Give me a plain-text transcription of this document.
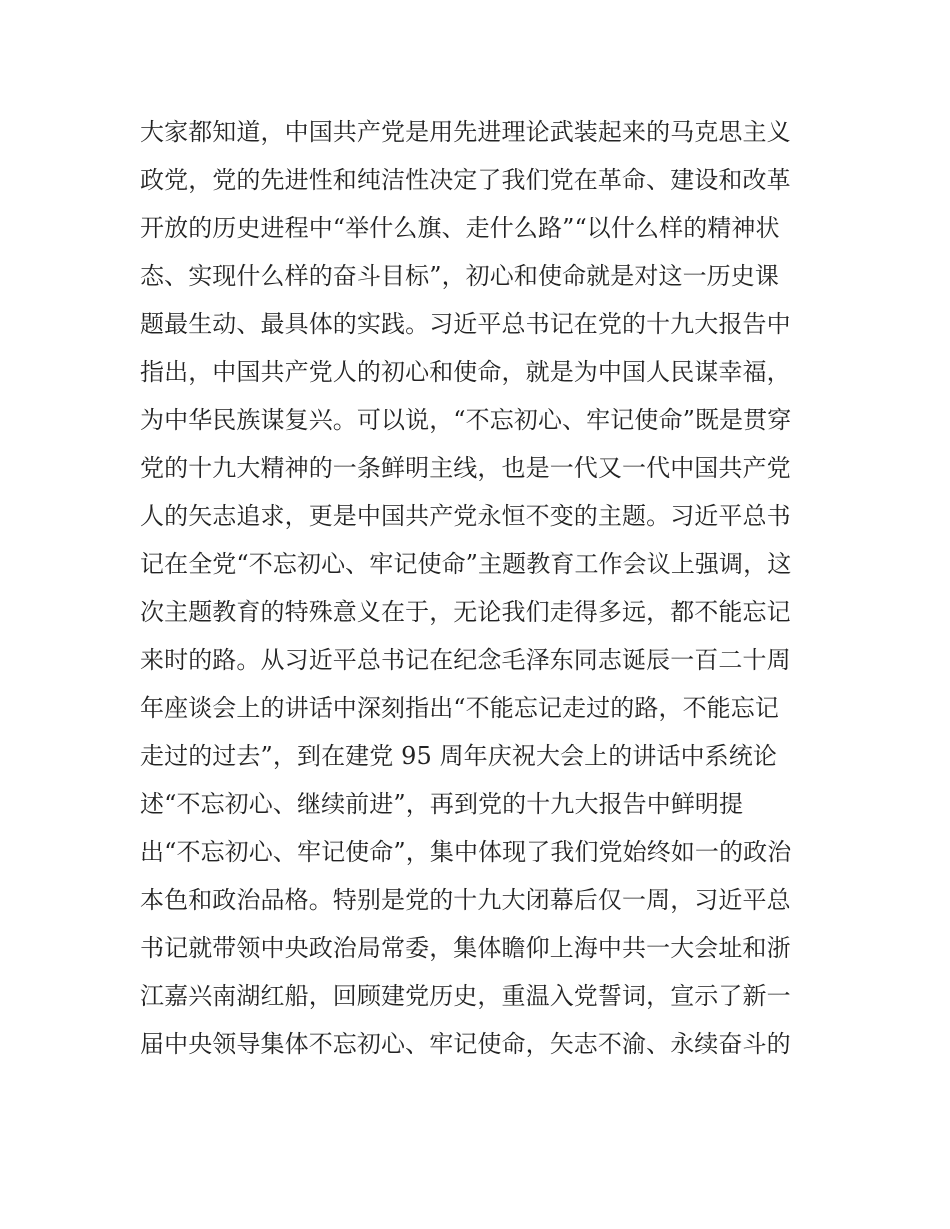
大家都知道，中国共产党是用先进理论武装起来的马克思主义
政党，党的先进性和纯洁性决定了我们党在革命、建设和改革
开放的历史进程中“举什么旗、走什么路”“以什么样的精神状
态、实现什么样的奋斗目标”，初心和使命就是对这一历史课
题最生动、最具体的实践。习近平总书记在党的十九大报告中
指出，中国共产党人的初心和使命，就是为中国人民谋幸福，
为中华民族谋复兴。可以说，“不忘初心、牢记使命”既是贯穿
党的十九大精神的一条鲜明主线，也是一代又一代中国共产党
人的矢志追求，更是中国共产党永恒不变的主题。习近平总书
记在全党“不忘初心、牢记使命”主题教育工作会议上强调，这
次主题教育的特殊意义在于，无论我们走得多远，都不能忘记
来时的路。从习近平总书记在纪念毛泽东同志诞辰一百二十周
年座谈会上的讲话中深刻指出“不能忘记走过的路，不能忘记
走过的过去”，到在建党 95 周年庆祝大会上的讲话中系统论
述“不忘初心、继续前进”，再到党的十九大报告中鲜明提
出“不忘初心、牢记使命”，集中体现了我们党始终如一的政治
本色和政治品格。特别是党的十九大闭幕后仅一周，习近平总
书记就带领中央政治局常委，集体瞻仰上海中共一大会址和浙
江嘉兴南湖红船，回顾建党历史，重温入党誓词，宣示了新一
届中央领导集体不忘初心、牢记使命，矢志不渝、永续奋斗的
